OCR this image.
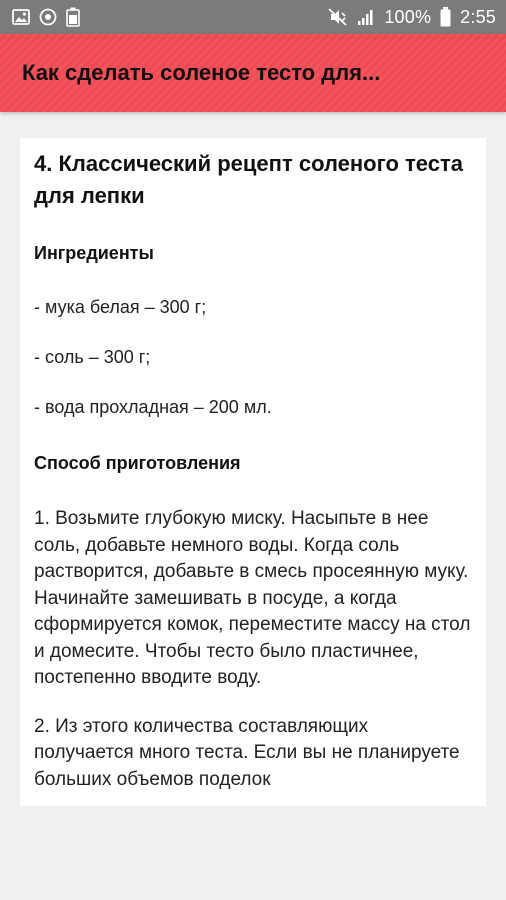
100% 2:55
Как сделать соленое тесто для...
4. Классический рецепт соленого теста для лепки
Ингредиенты
- мука белая – 300 г;
- соль – 300 г;
- вода прохладная – 200 мл.
Способ приготовления
1. Возьмите глубокую миску. Насыпьте в нее соль, добавьте немного воды. Когда соль растворится, добавьте в смесь просеянную муку. Начинайте замешивать в посуде, а когда сформируется комок, переместите массу на стол и домесите. Чтобы тесто было пластичнее, постепенно вводите воду.
2. Из этого количества составляющих получается много теста. Если вы не планируете больших объемов поделок
